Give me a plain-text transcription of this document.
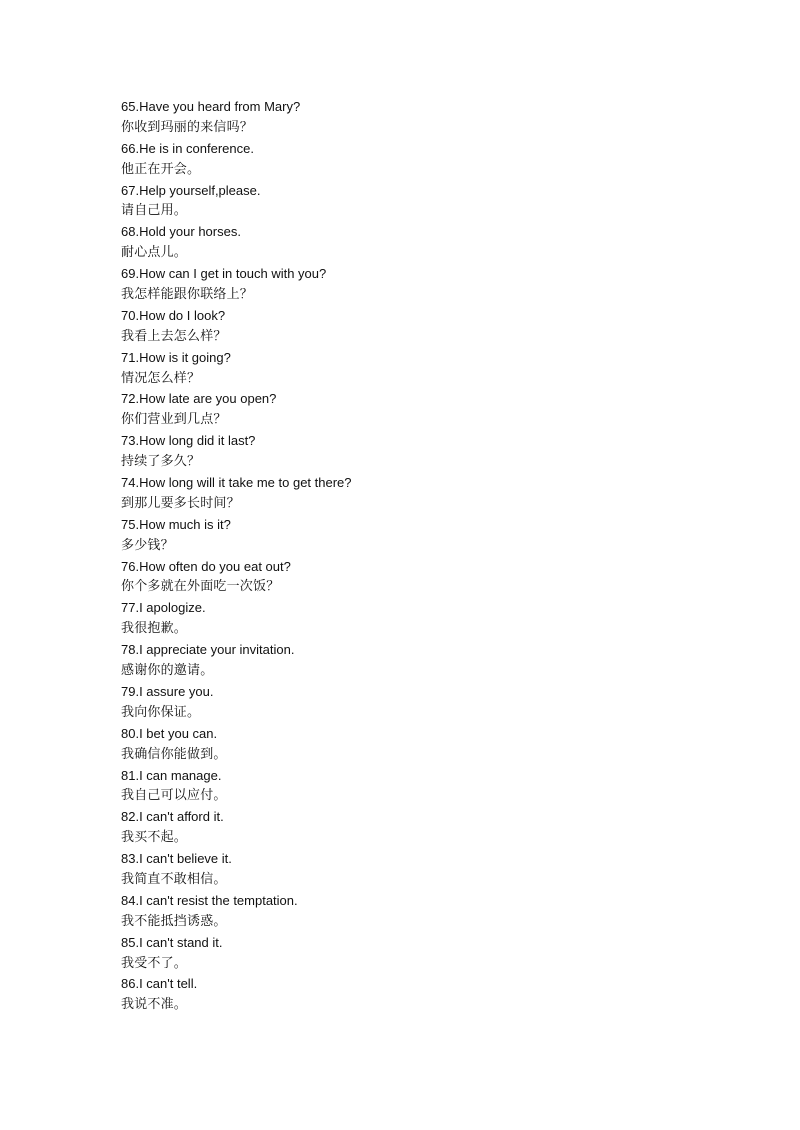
65.Have you heard from Mary?
你收到玛丽的来信吗？
66.He is in conference.
他正在开会。
67.Help yourself,please.
请自己用。
68.Hold your horses.
耐心点儿。
69.How can I get in touch with you?
我怎样能跟你联络上？
70.How do I look?
我看上去怎么样？
71.How is it going?
情况怎么样？
72.How late are you open?
你们营业到几点？
73.How long did it last?
持续了多久？
74.How long will it take me to get there?
到那儿要多长时间？
75.How much is it?
多少钱？
76.How often do you eat out?
你个多就在外面吃一次饭？
77.I apologize.
我很抱歉。
78.I appreciate your invitation.
感谢你的邀请。
79.I assure you.
我向你保证。
80.I bet you can.
我确信你能做到。
81.I can manage.
我自己可以应付。
82.I can't afford it.
我买不起。
83.I can't believe it.
我简直不敢相信。
84.I can't resist the temptation.
我不能抵挡诱惑。
85.I can't stand it.
我受不了。
86.I can't tell.
我说不准。
